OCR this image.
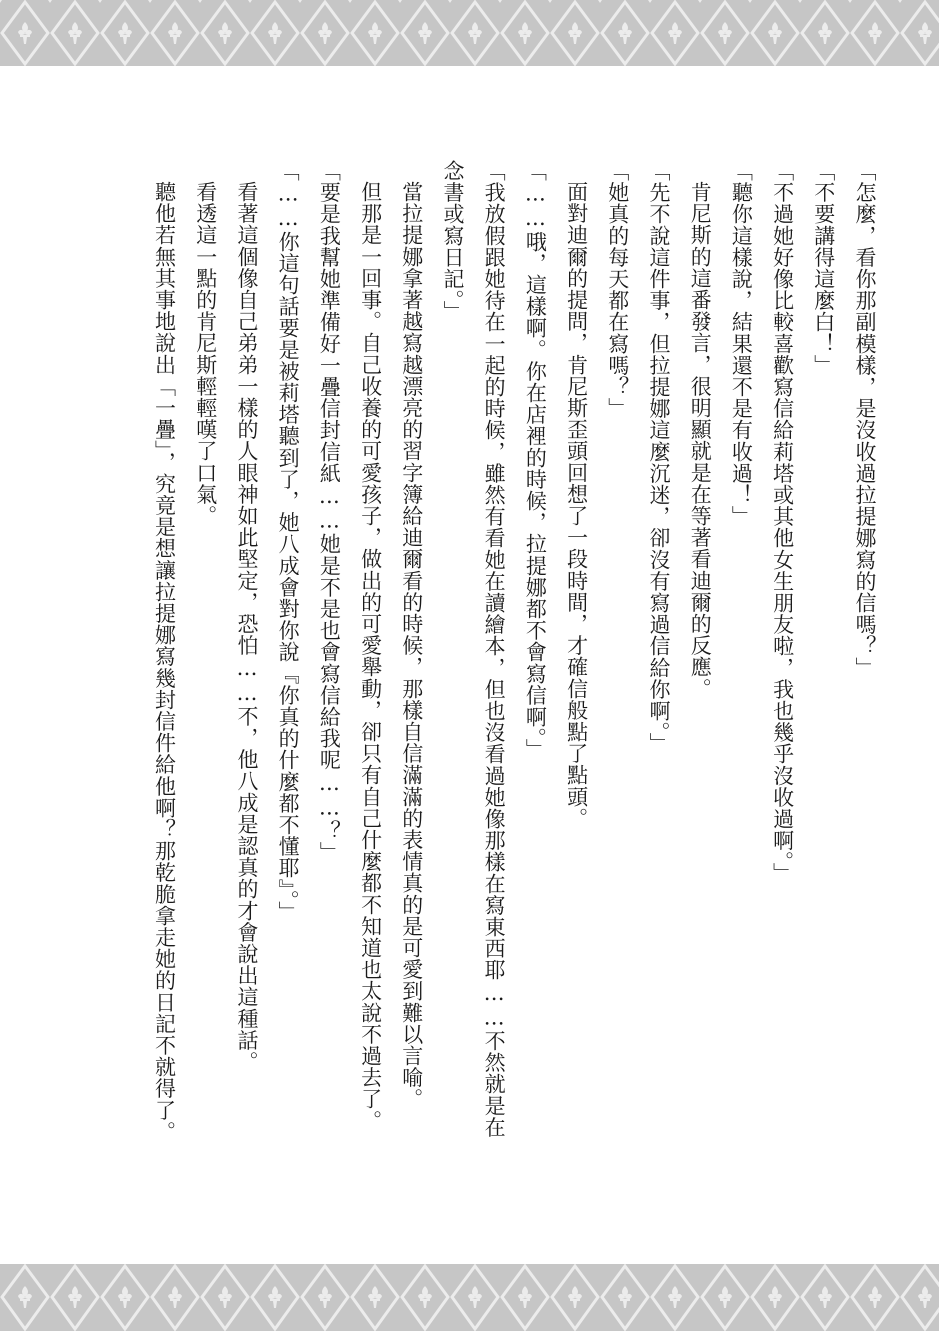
「怎麼，看你那副模樣，是沒收過拉提娜寫的信嗎？」

「不要講得這麼白！」

「不過她好像比較喜歡寫信給莉塔或其他女生朋友啦，我也幾乎沒收過啊。」

「聽你這樣說，結果還不是有收過！」

肯尼斯的這番發言，很明顯就是在等著看迪爾的反應。

「先不說這件事，但拉提娜這麼沉迷，卻沒有寫過信給你啊。」

「她真的每天都在寫嗎？」

面對迪爾的提問，肯尼斯歪頭回想了一段時間，才確信般點了點頭。

「……哦，這樣啊。你在店裡的時候，拉提娜都不會寫信啊。」

「我放假跟她待在一起的時候，雖然有看她在讀繪本，但也沒看過她像那樣在寫東西耶……不然就是在

念書或寫日記。」

當拉提娜拿著越寫越漂亮的習字簿給迪爾看的時候，那樣自信滿滿的表情真的是可愛到難以言喻。

但那是一回事。自己收養的可愛孩子，做出的可愛舉動，卻只有自己什麼都不知道也太說不過去了。

「要是我幫她準備好一疊信封信紙……她是不是也會寫信給我呢……？」

「……你這句話要是被莉塔聽到了，她八成會對你說『你真的什麼都不懂耶』。」

看著這個像自己弟弟一樣的人眼神如此堅定，恐怕……不，他八成是認真的才會說出這種話。

看透這一點的肯尼斯輕輕嘆了口氣。

聽他若無其事地說出「一疊」，究竟是想讓拉提娜寫幾封信件給他啊？那乾脆拿走她的日記不就得了。
